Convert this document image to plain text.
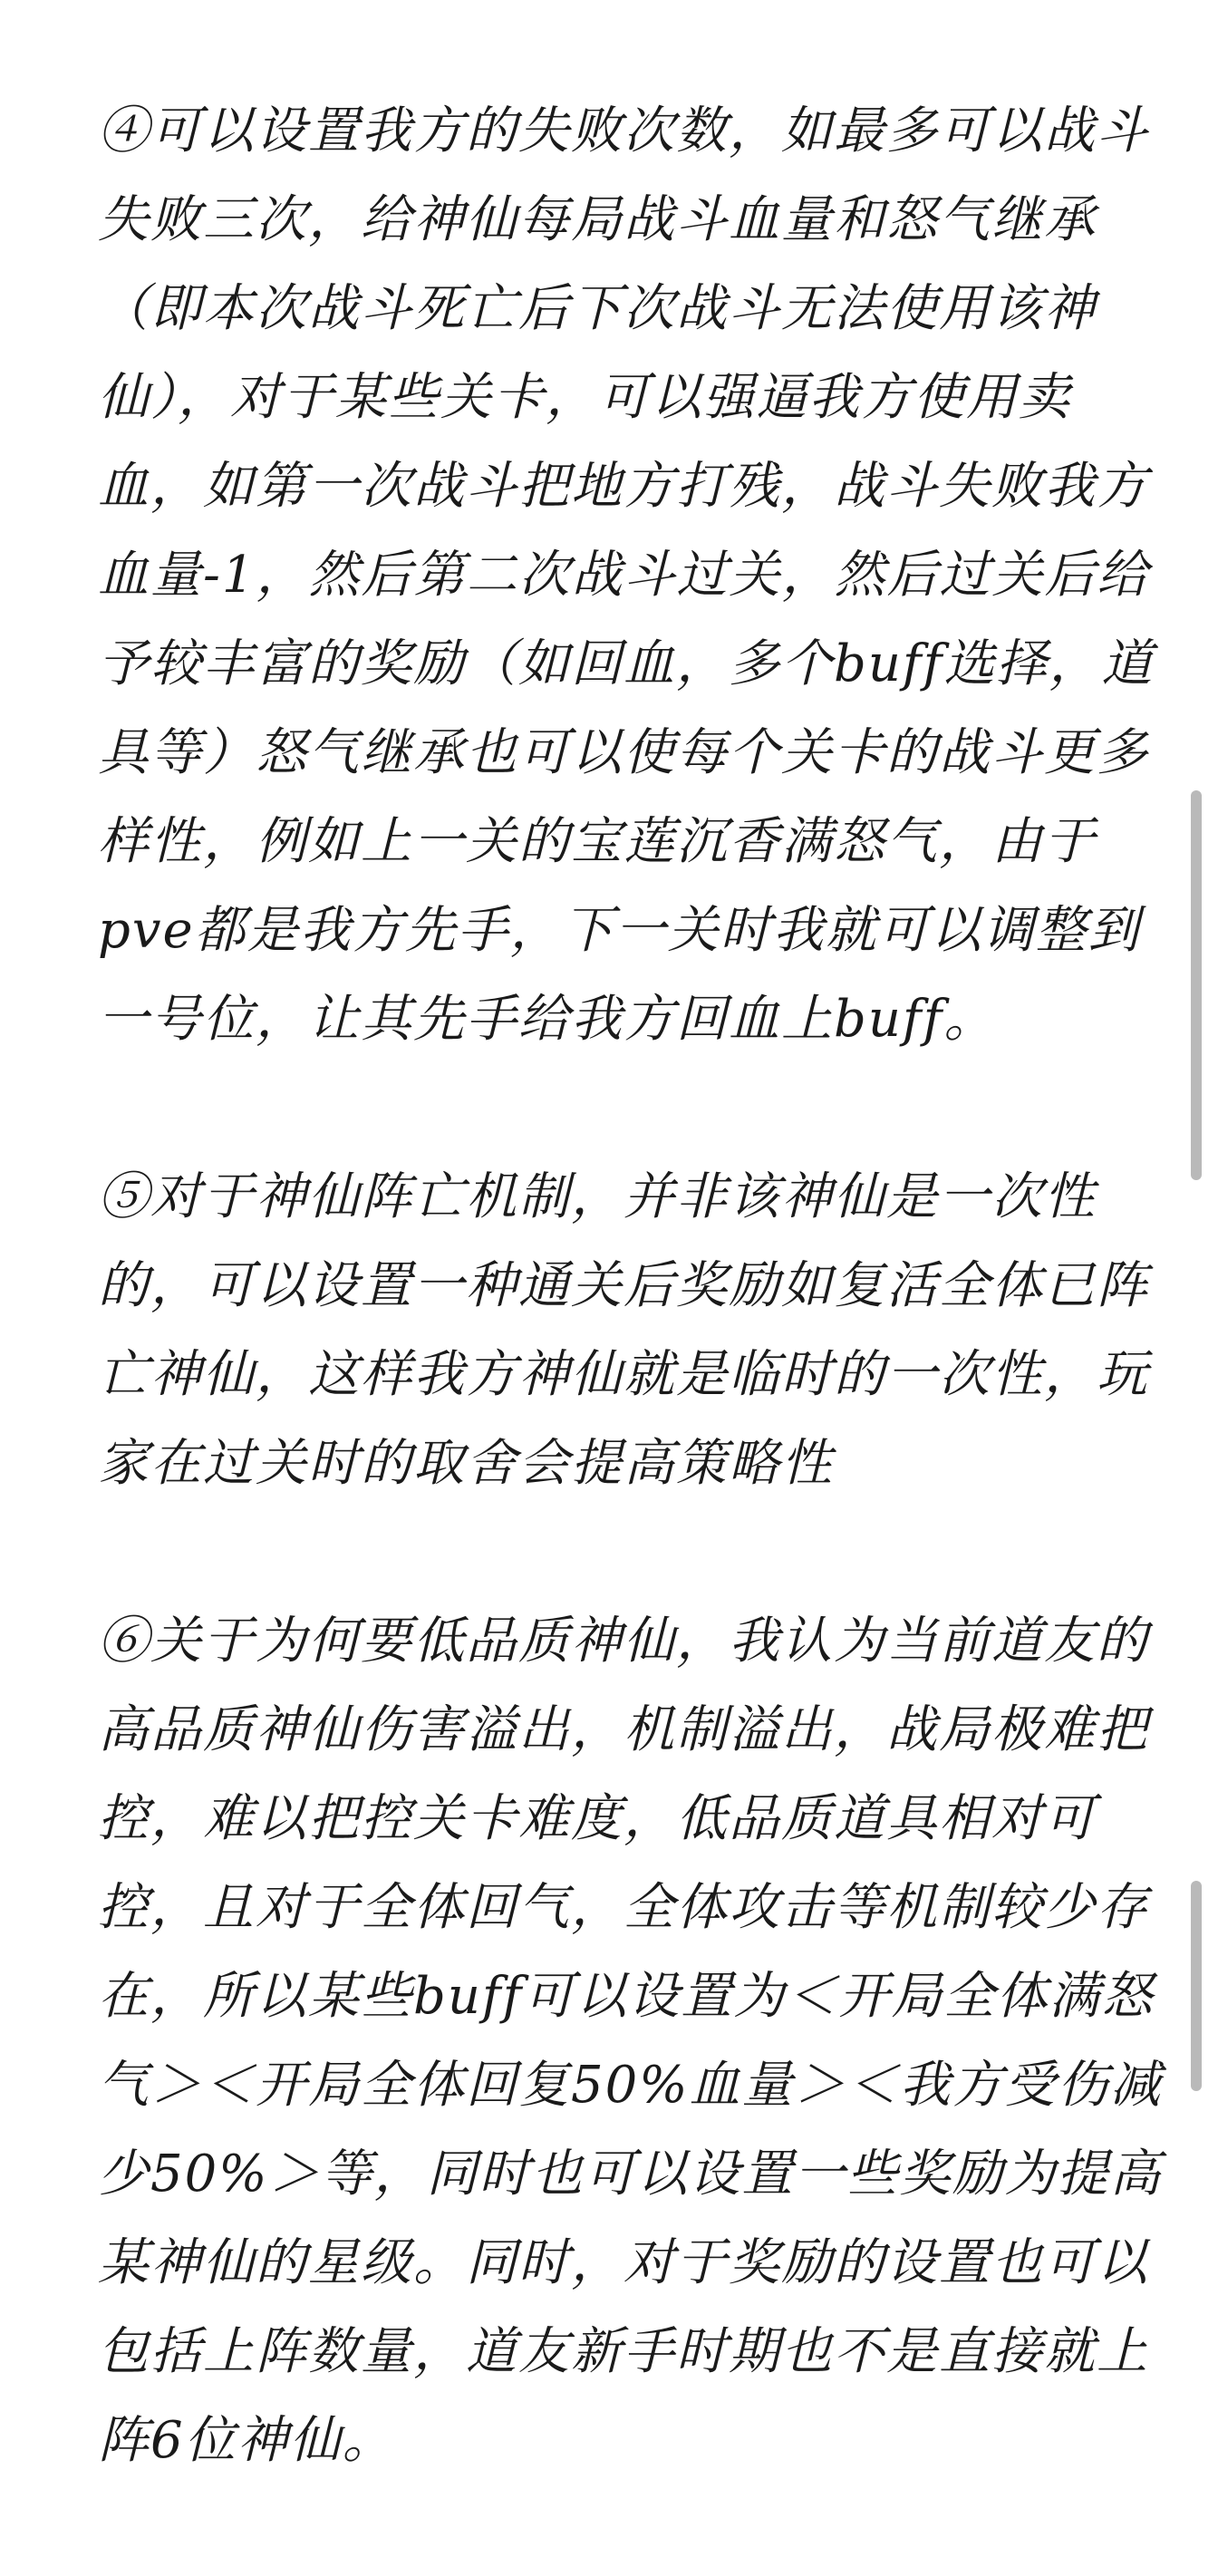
④可以设置我方的失败次数，如最多可以战斗
失败三次，给神仙每局战斗血量和怒气继承
（即本次战斗死亡后下次战斗无法使用该神
仙），对于某些关卡，可以强逼我方使用卖
血，如第一次战斗把地方打残，战斗失败我方
血量-1，然后第二次战斗过关，然后过关后给
予较丰富的奖励（如回血，多个buff选择，道
具等）怒气继承也可以使每个关卡的战斗更多
样性，例如上一关的宝莲沉香满怒气，由于
pve都是我方先手，下一关时我就可以调整到
一号位，让其先手给我方回血上buff。
⑤对于神仙阵亡机制，并非该神仙是一次性
的，可以设置一种通关后奖励如复活全体已阵
亡神仙，这样我方神仙就是临时的一次性，玩
家在过关时的取舍会提高策略性
⑥关于为何要低品质神仙，我认为当前道友的
高品质神仙伤害溢出，机制溢出，战局极难把
控，难以把控关卡难度，低品质道具相对可
控，且对于全体回气，全体攻击等机制较少存
在，所以某些buff可以设置为＜开局全体满怒
气＞＜开局全体回复50%血量＞＜我方受伤减
少50%＞等，同时也可以设置一些奖励为提高
某神仙的星级。同时，对于奖励的设置也可以
包括上阵数量，道友新手时期也不是直接就上
阵6位神仙。
